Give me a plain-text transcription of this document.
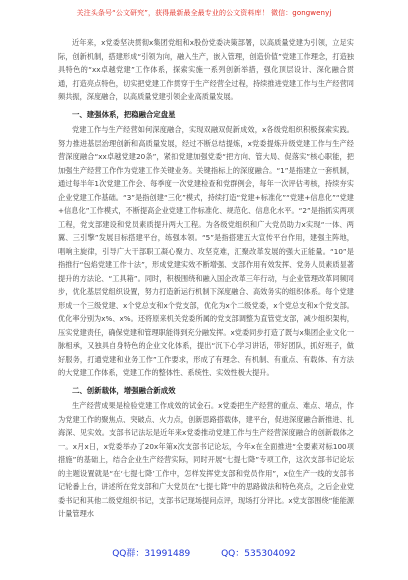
关注头条号“公文研究”，获得最新最全最专业的公文资料库！ 微信：gongwenyj

近年来，x党委坚决贯彻x集团党组和x股份党委决策部署，以高质量党建为引领，立足实际，创新机制，搭建形成“引领为向，融入生产，嵌入管理，创造价值”党建工作理念，打造独具特色的“xx卓越党建”工作体系，探索实施一系列创新举措，强化顶层设计、深化融合贯通，打造亮点特色，切实把党建工作贯穿于生产经营全过程，持续推进党建工作与生产经营同频共振，深度融合，以高质量党建引领企业高质量发展。

一、建强体系，把稳融合定盘星

党建工作与生产经营如何深度融合，实现双融双促新成效，x各级党组织积极探索实践。努力推进基层治理创新和高质量发展，经过不断总结提炼，x党委提炼升级党建工作与生产经营深度融合“xx卓越党建20条”，紧扣党建加强党委“把方向、管大局、促落实”核心职能，把加强生产经营工作作为党建工作关键业务。关键指标上的深度融合。“1”是指建立一套机制，通过每半年1次党建工作会、每季度一次党建检查和党群例会，每年一次评估考核，持续夯实企业党建工作基础。“3”是指创建“三化”模式，持续打造“党建+标准化”“党建+信息化”“党建+信息化”工作模式，不断提高企业党建工作标准化、规范化、信息化水平。“2”是指抓实两项工程，党支部建设和党员素质提升两大工程。为各级党组织和广大党员助力x实现“一体、两翼、三引擎”发展目标搭建平台，练强本领。“5”是指搭建五大宣传平台作用，建强主阵地，唱响主旋律，引导广大干部职工凝心聚力、攻坚克难，汇聚改革发展的强大正能量。“10”是指推行“包焰党建工作十法”，形成党建实效不断增强、支部作用有效发挥、党务人员素质显著提升的方法论、“工具箱”。同时，积极围绕和融入国企改革三年行动，与企业管理改革同频同步，优化基层党组织设置，努力打造新运行机制下深度融合、高效务实的组织体系。每个党建形成一个三级党建、x个党总支和x个党支部，优化为x个二级党委，x个党总支和x个党支部。优化率分别为x%、x%。还将原来机关党委所属的党支部调整为直管党支部，减少组织架构，压实党建责任，确保党建和管理职能得到充分融发挥。x党委同步打造了既与x集团企业文化一脉相承，又独具自身特色的企业文化体系，提出“沉下心学习讲话，带好团队，抓好班子，做好服务，打通党建和业务工作”工作要求，形成了有理念、有机制、有重点、有载体、有方法的大党建工作体系，党建工作的整体性、系统性、实效性极大提升。

二、创新载体，增强融合新成效

生产经营成果是检验党建工作成效的试金石。x党委把生产经营的重点、难点、堵点，作为党建工作的聚焦点、突破点、火力点，创新思路搭载体，建平台，促进深度融合新推进、扎海深、见实效。支部书记法坛是近年来x党委推动党建工作与生产经营深度融合的创新载体之一。x月x日，x党委举办了20x年第x次支部书记论坛，今年x在全面推进“全要素对标100项措施”的基础上，结合企业生产经营实际，同时开展“七提七降”专项工作，这次支部书记论坛的主题设置就是“在‘七提七降’工作中，怎样发挥党支部和党员作用”，x位生产一线的支部书记轮番上台，讲述所在党支部和广大党员在“七提七降”中的思路做法和特色亮点，之后企业党委书记和其他二级党组织书记，支部书记现场提问点评，现场打分评比。x党支部围绕“能能源计量管理水

QQ群：31991489	QQ：535304092
